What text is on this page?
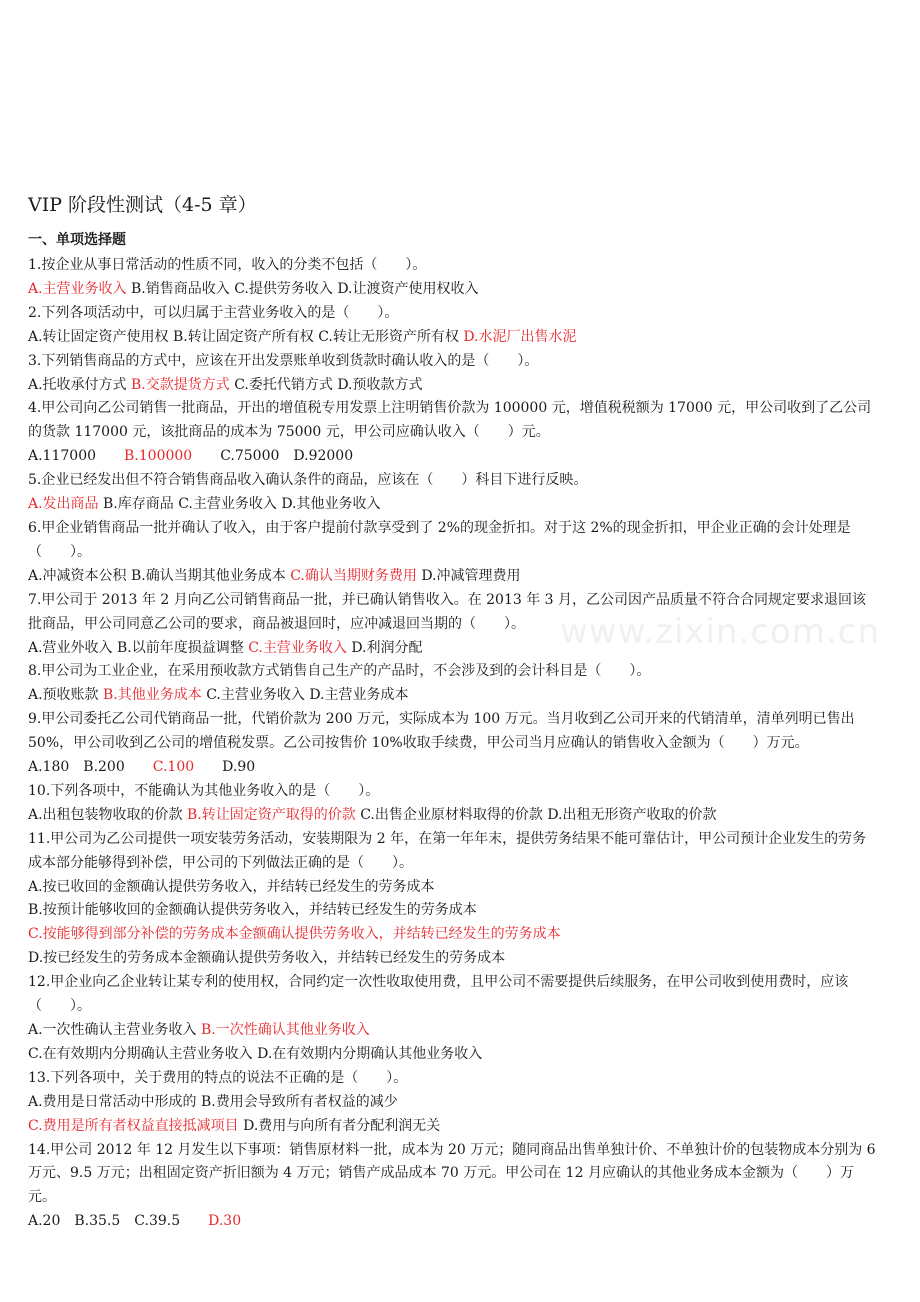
www.zixin.com.cn
VIP 阶段性测试（4-5 章）
一、单项选择题
1.按企业从事日常活动的性质不同，收入的分类不包括（　　）。
A.主营业务收入 B.销售商品收入 C.提供劳务收入 D.让渡资产使用权收入
2.下列各项活动中，可以归属于主营业务收入的是（　　）。
A.转让固定资产使用权 B.转让固定资产所有权 C.转让无形资产所有权 D.水泥厂出售水泥
3.下列销售商品的方式中，应该在开出发票账单收到货款时确认收入的是（　　）。
A.托收承付方式 B.交款提货方式 C.委托代销方式 D.预收款方式
4.甲公司向乙公司销售一批商品，开出的增值税专用发票上注明销售价款为 100000 元，增值税税额为 17000 元，甲公司收到了乙公司的货款 117000 元，该批商品的成本为 75000 元，甲公司应确认收入（　　）元。
A.117000　　B.100000　　C.75000　D.92000
5.企业已经发出但不符合销售商品收入确认条件的商品，应该在（　　）科目下进行反映。
A.发出商品 B.库存商品 C.主营业务收入 D.其他业务收入
6.甲企业销售商品一批并确认了收入，由于客户提前付款享受到了 2%的现金折扣。对于这 2%的现金折扣，甲企业正确的会计处理是（　　）。
A.冲减资本公积 B.确认当期其他业务成本 C.确认当期财务费用 D.冲减管理费用
7.甲公司于 2013 年 2 月向乙公司销售商品一批，并已确认销售收入。在 2013 年 3 月，乙公司因产品质量不符合合同规定要求退回该批商品，甲公司同意乙公司的要求，商品被退回时，应冲减退回当期的（　　）。
A.营业外收入 B.以前年度损益调整 C.主营业务收入 D.利润分配
8.甲公司为工业企业，在采用预收款方式销售自己生产的产品时，不会涉及到的会计科目是（　　）。
A.预收账款 B.其他业务成本 C.主营业务收入 D.主营业务成本
9.甲公司委托乙公司代销商品一批，代销价款为 200 万元，实际成本为 100 万元。当月收到乙公司开来的代销清单，清单列明已售出 50%，甲公司收到乙公司的增值税发票。乙公司按售价 10%收取手续费，甲公司当月应确认的销售收入金额为（　　）万元。
A.180　B.200　　C.100　　D.90
10.下列各项中，不能确认为其他业务收入的是（　　）。
A.出租包装物收取的价款 B.转让固定资产取得的价款 C.出售企业原材料取得的价款 D.出租无形资产收取的价款
11.甲公司为乙公司提供一项安装劳务活动，安装期限为 2 年，在第一年年末，提供劳务结果不能可靠估计，甲公司预计企业发生的劳务成本部分能够得到补偿，甲公司的下列做法正确的是（　　）。
A.按已收回的金额确认提供劳务收入，并结转已经发生的劳务成本
B.按预计能够收回的金额确认提供劳务收入，并结转已经发生的劳务成本
C.按能够得到部分补偿的劳务成本金额确认提供劳务收入，并结转已经发生的劳务成本
D.按已经发生的劳务成本金额确认提供劳务收入，并结转已经发生的劳务成本
12.甲企业向乙企业转让某专利的使用权，合同约定一次性收取使用费，且甲公司不需要提供后续服务，在甲公司收到使用费时，应该（　　）。
A.一次性确认主营业务收入 B.一次性确认其他业务收入
C.在有效期内分期确认主营业务收入 D.在有效期内分期确认其他业务收入
13.下列各项中，关于费用的特点的说法不正确的是（　　）。
A.费用是日常活动中形成的 B.费用会导致所有者权益的减少
C.费用是所有者权益直接抵减项目 D.费用与向所有者分配利润无关
14.甲公司 2012 年 12 月发生以下事项：销售原材料一批，成本为 20 万元；随同商品出售单独计价、不单独计价的包装物成本分别为 6 万元、9.5 万元；出租固定资产折旧额为 4 万元；销售产成品成本 70 万元。甲公司在 12 月应确认的其他业务成本金额为（　　）万元。
A.20　B.35.5　C.39.5　　D.30
